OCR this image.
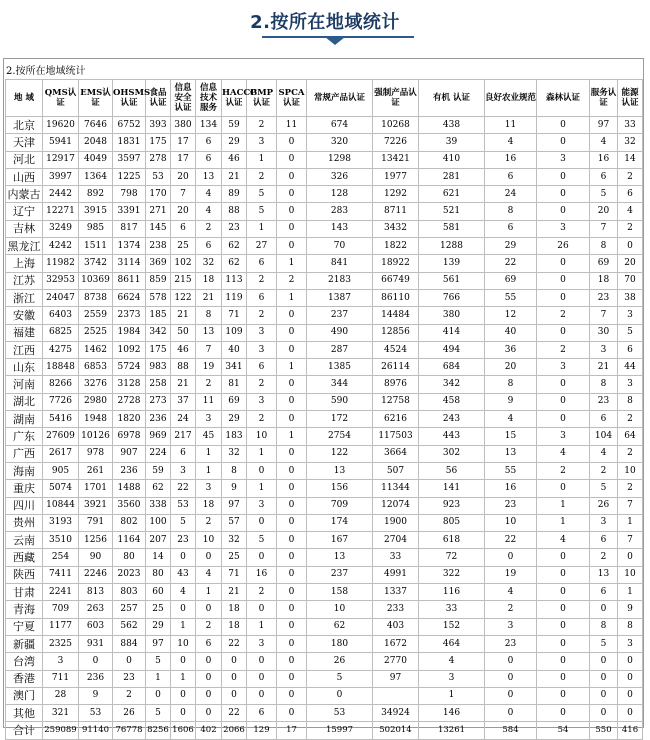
2.按所在地域统计
2.按所在地域统计
地 域	QMS认证	EMS认证	OHSMS认证	食品认证	信息安全认证	信息技术服务	HACCP认证	GMP认证	SPCA认证	常规产品认证	强制产品认证	有机 认证	良好农业规范	森林认证	服务认证	能源认证
北京	19620	7646	6752	393	380	134	59	2	11	674	10268	438	11	0	97	33
天津	5941	2048	1831	175	17	6	29	3	0	320	7226	39	4	0	4	32
河北	12917	4049	3597	278	17	6	46	1	0	1298	13421	410	16	3	16	14
山西	3997	1364	1225	53	20	13	21	2	0	326	1977	281	6	0	6	2
内蒙古	2442	892	798	170	7	4	89	5	0	128	1292	621	24	0	5	6
辽宁	12271	3915	3391	271	20	4	88	5	0	283	8711	521	8	0	20	4
吉林	3249	985	817	145	6	2	23	1	0	143	3432	581	6	3	7	2
黑龙江	4242	1511	1374	238	25	6	62	27	0	70	1822	1288	29	26	8	0
上海	11982	3742	3114	369	102	32	62	6	1	841	18922	139	22	0	69	20
江苏	32953	10369	8611	859	215	18	113	2	2	2183	66749	561	69	0	18	70
浙江	24047	8738	6624	578	122	21	119	6	1	1387	86110	766	55	0	23	38
安徽	6403	2559	2373	185	21	8	71	2	0	237	14484	380	12	2	7	3
福建	6825	2525	1984	342	50	13	109	3	0	490	12856	414	40	0	30	5
江西	4275	1462	1092	175	46	7	40	3	0	287	4524	494	36	2	3	6
山东	18848	6853	5724	983	88	19	341	6	1	1385	26114	684	20	3	21	44
河南	8266	3276	3128	258	21	2	81	2	0	344	8976	342	8	0	8	3
湖北	7726	2980	2728	273	37	11	69	3	0	590	12758	458	9	0	23	8
湖南	5416	1948	1820	236	24	3	29	2	0	172	6216	243	4	0	6	2
广东	27609	10126	6978	969	217	45	183	10	1	2754	117503	443	15	3	104	64
广西	2617	978	907	224	6	1	32	1	0	122	3664	302	13	4	4	2
海南	905	261	236	59	3	1	8	0	0	13	507	56	55	2	2	10
重庆	5074	1701	1488	62	22	3	9	1	0	156	11344	141	16	0	5	2
四川	10844	3921	3560	338	53	18	97	3	0	709	12074	923	23	1	26	7
贵州	3193	791	802	100	5	2	57	0	0	174	1900	805	10	1	3	1
云南	3510	1256	1164	207	23	10	32	5	0	167	2704	618	22	4	6	7
西藏	254	90	80	14	0	0	25	0	0	13	33	72	0	0	2	0
陕西	7411	2246	2023	80	43	4	71	16	0	237	4991	322	19	0	13	10
甘肃	2241	813	803	60	4	1	21	2	0	158	1337	116	4	0	6	1
青海	709	263	257	25	0	0	18	0	0	10	233	33	2	0	0	9
宁夏	1177	603	562	29	1	2	18	1	0	62	403	152	3	0	8	8
新疆	2325	931	884	97	10	6	22	3	0	180	1672	464	23	0	5	3
台湾	3	0	0	5	0	0	0	0	0	26	2770	4	0	0	0	0
香港	711	236	23	1	1	0	0	0	0	5	97	3	0	0	0	0
澳门	28	9	2	0	0	0	0	0	0	0		1	0	0	0	0
其他	321	53	26	5	0	0	22	6	0	53	34924	146	0	0	0	0
合计	259089	91140	76778	8256	1606	402	2066	129	17	15997	502014	13261	584	54	550	416
